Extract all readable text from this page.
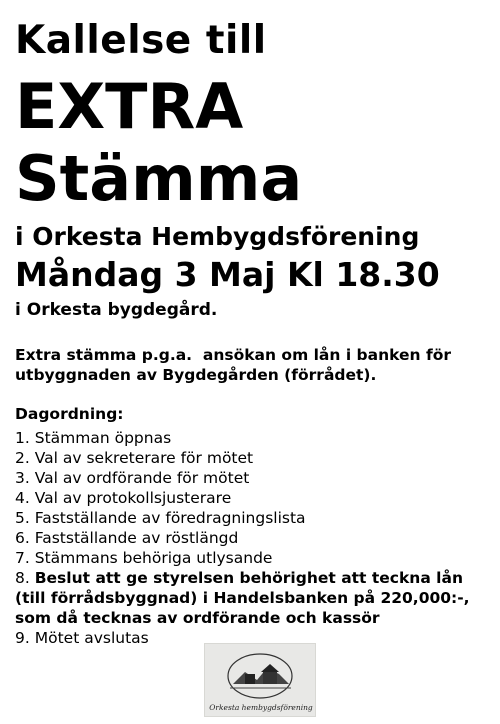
Kallelse till
EXTRA
Stämma
i Orkesta Hembygdsförening
Måndag 3 Maj Kl 18.30
i Orkesta bygdegård.
Extra stämma p.g.a.  ansökan om lån i banken för
utbyggnaden av Bygdegården (förrådet).
Dagordning:
1. Stämman öppnas
2. Val av sekreterare för mötet
3. Val av ordförande för mötet
4. Val av protokollsjusterare
5. Fastställande av föredragningslista
6. Fastställande av röstlängd
7. Stämmans behöriga utlysande
8. Beslut att ge styrelsen behörighet att teckna lån
(till förrådsbyggnad) i Handelsbanken på 220,000:-,
som då tecknas av ordförande och kassör
9. Mötet avslutas
Orkesta hembygdsförening
